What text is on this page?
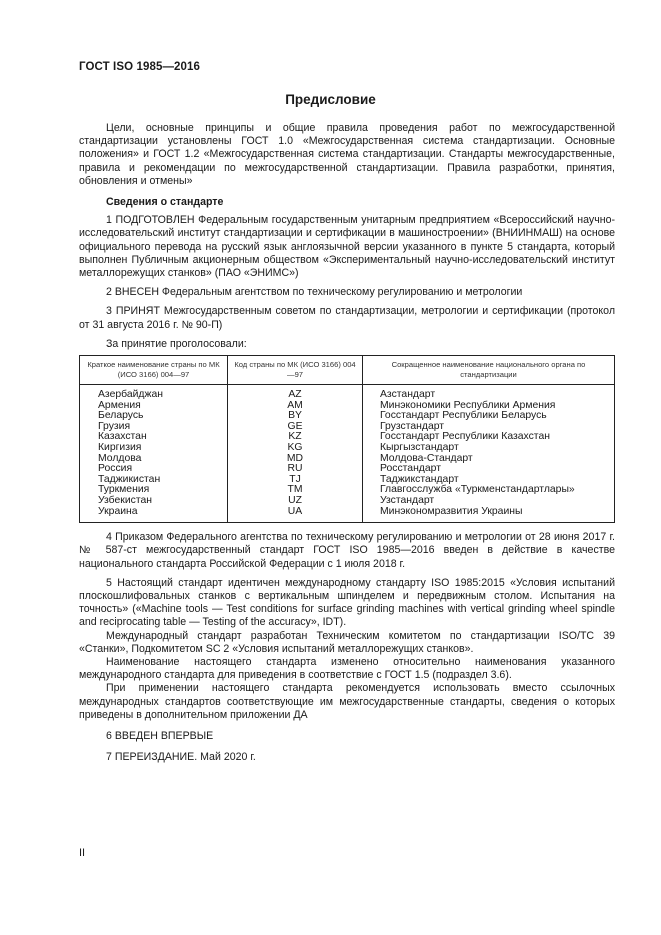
ГОСТ ISO 1985—2016
Предисловие

Цели, основные принципы и общие правила проведения работ по межгосударственной стандартизации установлены ГОСТ 1.0 «Межгосударственная система стандартизации. Основные положения» и ГОСТ 1.2 «Межгосударственная система стандартизации. Стандарты межгосударственные, правила и рекомендации по межгосударственной стандартизации. Правила разработки, принятия, обновления и отмены»

Сведения о стандарте

1 ПОДГОТОВЛЕН Федеральным государственным унитарным предприятием «Всероссийский научно-исследовательский институт стандартизации и сертификации в машиностроении» (ВНИИНМАШ) на основе официального перевода на русский язык англоязычной версии указанного в пункте 5 стандарта, который выполнен Публичным акционерным обществом «Экспериментальный научно-исследовательский институт металлорежущих станков» (ПАО «ЭНИМС»)

2 ВНЕСЕН Федеральным агентством по техническому регулированию и метрологии

3 ПРИНЯТ Межгосударственным советом по стандартизации, метрологии и сертификации (протокол от 31 августа 2016 г. № 90-П)

За принятие проголосовали:

Краткое наименование страны по МК (ИСО 3166) 004—97	Код страны по МК (ИСО 3166) 004—97	Сокращенное наименование национального органа по стандартизации
Азербайджан	AZ	Азстандарт
Армения	AM	Минэкономики Республики Армения
Беларусь	BY	Госстандарт Республики Беларусь
Грузия	GE	Грузстандарт
Казахстан	KZ	Госстандарт Республики Казахстан
Киргизия	KG	Кыргызстандарт
Молдова	MD	Молдова-Стандарт
Россия	RU	Росстандарт
Таджикистан	TJ	Таджикстандарт
Туркмения	TM	Главгосслужба «Туркменстандартлары»
Узбекистан	UZ	Узстандарт
Украина	UA	Минэкономразвития Украины

4 Приказом Федерального агентства по техническому регулированию и метрологии от 28 июня 2017 г. № 587-ст межгосударственный стандарт ГОСТ ISO 1985—2016 введен в действие в качестве национального стандарта Российской Федерации с 1 июля 2018 г.

5 Настоящий стандарт идентичен международному стандарту ISO 1985:2015 «Условия испытаний плоскошлифовальных станков с вертикальным шпинделем и передвижным столом. Испытания на точность» («Machine tools — Test conditions for surface grinding machines with vertical grinding wheel spindle and reciprocating table — Testing of the accuracy», IDT).

Международный стандарт разработан Техническим комитетом по стандартизации ISO/TC 39 «Станки», Подкомитетом SC 2 «Условия испытаний металлорежущих станков».

Наименование настоящего стандарта изменено относительно наименования указанного международного стандарта для приведения в соответствие с ГОСТ 1.5 (подраздел 3.6).

При применении настоящего стандарта рекомендуется использовать вместо ссылочных международных стандартов соответствующие им межгосударственные стандарты, сведения о которых приведены в дополнительном приложении ДА

6 ВВЕДЕН ВПЕРВЫЕ

7 ПЕРЕИЗДАНИЕ. Май 2020 г.

II
